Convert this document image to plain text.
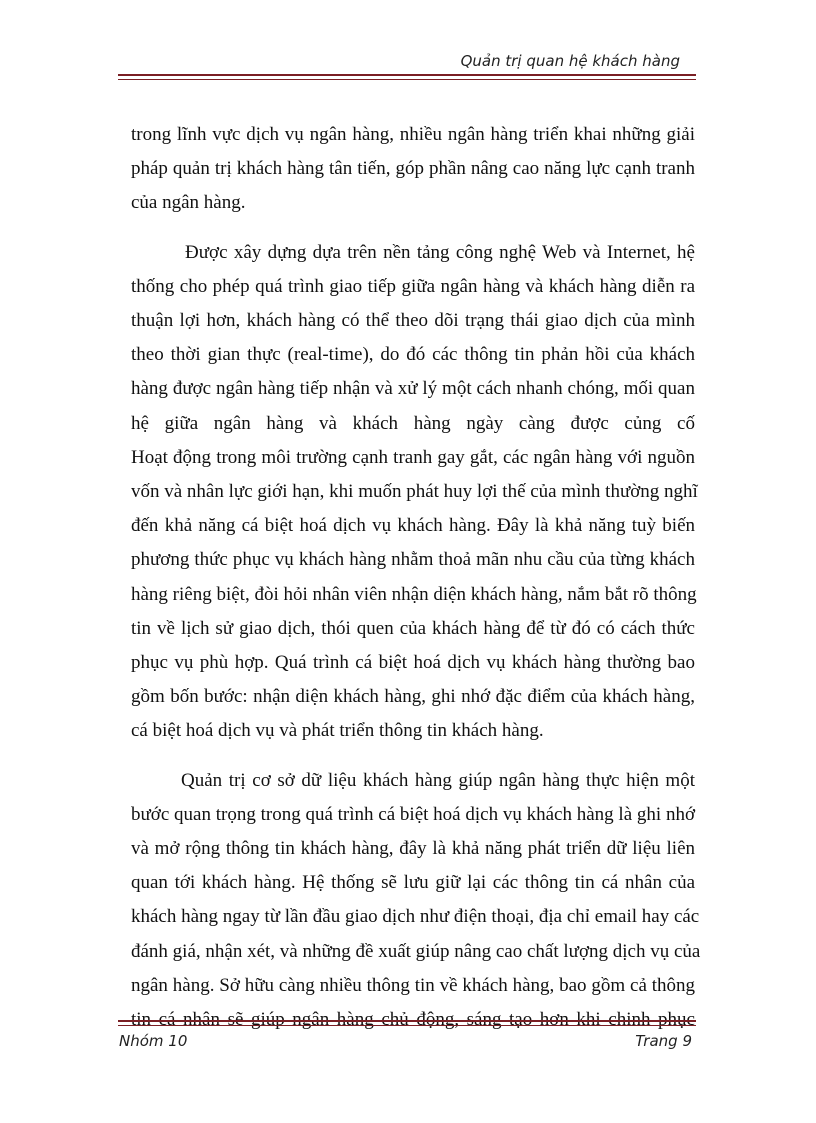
Quản trị quan hệ khách hàng
trong lĩnh vực dịch vụ ngân hàng, nhiều ngân hàng triển khai những giải
pháp quản trị khách hàng tân tiến, góp phần nâng cao năng lực cạnh tranh
của ngân hàng.
Được xây dựng dựa trên nền tảng công nghệ Web và Internet, hệ
thống cho phép quá trình giao tiếp giữa ngân hàng và khách hàng diễn ra
thuận lợi hơn, khách hàng có thể theo dõi trạng thái giao dịch của mình
theo thời gian thực (real-time), do đó các thông tin phản hồi của khách
hàng được ngân hàng tiếp nhận và xử lý một cách nhanh chóng, mối quan
hệ giữa ngân hàng và khách hàng ngày càng được củng cố
Hoạt động trong môi trường cạnh tranh gay gắt, các ngân hàng với nguồn
vốn và nhân lực giới hạn, khi muốn phát huy lợi thế của mình thường nghĩ
đến khả năng cá biệt hoá dịch vụ khách hàng. Đây là khả năng tuỳ biến
phương thức phục vụ khách hàng nhằm thoả mãn nhu cầu của từng khách
hàng riêng biệt, đòi hỏi nhân viên nhận diện khách hàng, nắm bắt rõ thông
tin về lịch sử giao dịch, thói quen của khách hàng để từ đó có cách thức
phục vụ phù hợp. Quá trình cá biệt hoá dịch vụ khách hàng thường bao
gồm bốn bước: nhận diện khách hàng, ghi nhớ đặc điểm của khách hàng,
cá biệt hoá dịch vụ và phát triển thông tin khách hàng.
Quản trị cơ sở dữ liệu khách hàng giúp ngân hàng thực hiện một
bước quan trọng trong quá trình cá biệt hoá dịch vụ khách hàng là ghi nhớ
và mở rộng thông tin khách hàng, đây là khả năng phát triển dữ liệu liên
quan tới khách hàng. Hệ thống sẽ lưu giữ lại các thông tin cá nhân của
khách hàng ngay từ lần đầu giao dịch như điện thoại, địa chỉ email hay các
đánh giá, nhận xét, và những đề xuất giúp nâng cao chất lượng dịch vụ của
ngân hàng. Sở hữu càng nhiều thông tin về khách hàng, bao gồm cả thông
tin cá nhân sẽ giúp ngân hàng chủ động, sáng tạo hơn khi chinh phục
Nhóm 10	Trang 9
